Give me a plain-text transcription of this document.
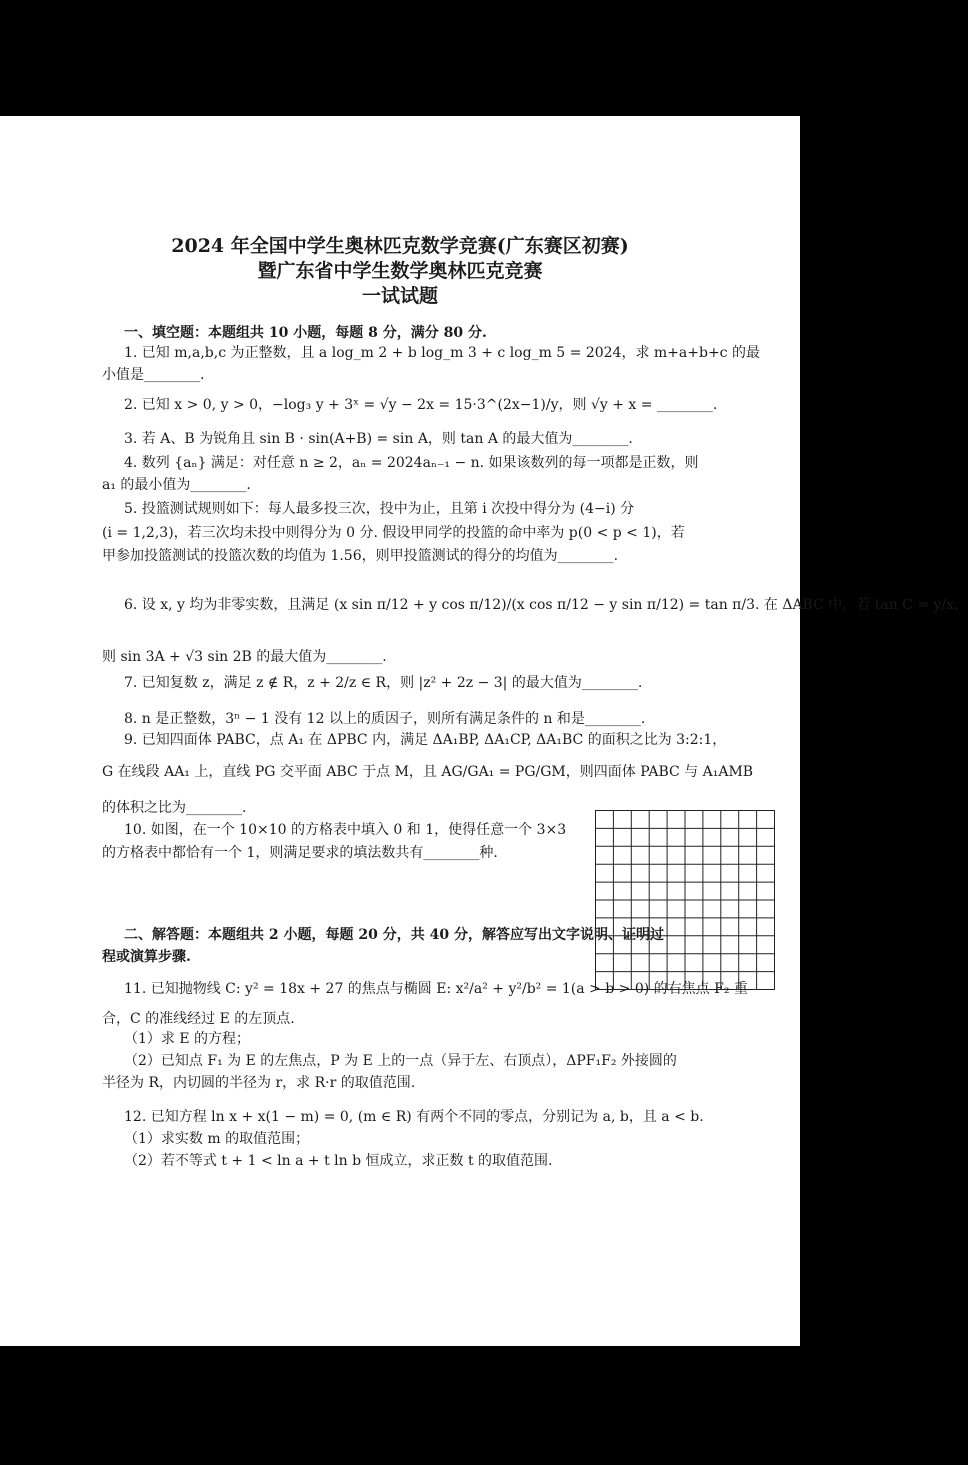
2024 年全国中学生奥林匹克数学竞赛(广东赛区初赛)
暨广东省中学生数学奥林匹克竞赛
一试试题
一、填空题：本题组共 10 小题，每题 8 分，满分 80 分.
1. 已知 m,a,b,c 为正整数，且 a log_m 2 + b log_m 3 + c log_m 5 = 2024，求 m+a+b+c 的最
小值是________.
2. 已知 x > 0, y > 0，−log₃ y + 3ˣ = √y − 2x = 15·3^(2x−1)/y，则 √y + x = ________.
3. 若 A、B 为锐角且 sin B · sin(A+B) = sin A，则 tan A 的最大值为________.
4. 数列 {aₙ} 满足：对任意 n ≥ 2，aₙ = 2024aₙ₋₁ − n. 如果该数列的每一项都是正数，则
a₁ 的最小值为________.
5. 投篮测试规则如下：每人最多投三次，投中为止，且第 i 次投中得分为 (4−i) 分
(i = 1,2,3)，若三次均未投中则得分为 0 分. 假设甲同学的投篮的命中率为 p(0 < p < 1)，若
甲参加投篮测试的投篮次数的均值为 1.56，则甲投篮测试的得分的均值为________.
6. 设 x, y 均为非零实数，且满足 (x sin π/12 + y cos π/12)/(x cos π/12 − y sin π/12) = tan π/3. 在 ΔABC 中，若 tan C = y/x，
则 sin 3A + √3 sin 2B 的最大值为________.
7. 已知复数 z，满足 z ∉ R，z + 2/z ∈ R，则 |z² + 2z − 3| 的最大值为________.
8. n 是正整数，3ⁿ − 1 没有 12 以上的质因子，则所有满足条件的 n 和是________.
9. 已知四面体 PABC，点 A₁ 在 ΔPBC 内，满足 ΔA₁BP, ΔA₁CP, ΔA₁BC 的面积之比为 3:2:1，
G 在线段 AA₁ 上，直线 PG 交平面 ABC 于点 M，且 AG/GA₁ = PG/GM，则四面体 PABC 与 A₁AMB
的体积之比为________.
10. 如图，在一个 10×10 的方格表中填入 0 和 1，使得任意一个 3×3
的方格表中都恰有一个 1，则满足要求的填法数共有________种.
二、解答题：本题组共 2 小题，每题 20 分，共 40 分，解答应写出文字说明、证明过
程或演算步骤.
11. 已知抛物线 C: y² = 18x + 27 的焦点与椭圆 E: x²/a² + y²/b² = 1(a > b > 0) 的右焦点 F₂ 重
合，C 的准线经过 E 的左顶点.
（1）求 E 的方程；
（2）已知点 F₁ 为 E 的左焦点，P 为 E 上的一点（异于左、右顶点），ΔPF₁F₂ 外接圆的
半径为 R，内切圆的半径为 r，求 R·r 的取值范围.
12. 已知方程 ln x + x(1 − m) = 0, (m ∈ R) 有两个不同的零点，分别记为 a, b，且 a < b.
（1）求实数 m 的取值范围；
（2）若不等式 t + 1 < ln a + t ln b 恒成立，求正数 t 的取值范围.
